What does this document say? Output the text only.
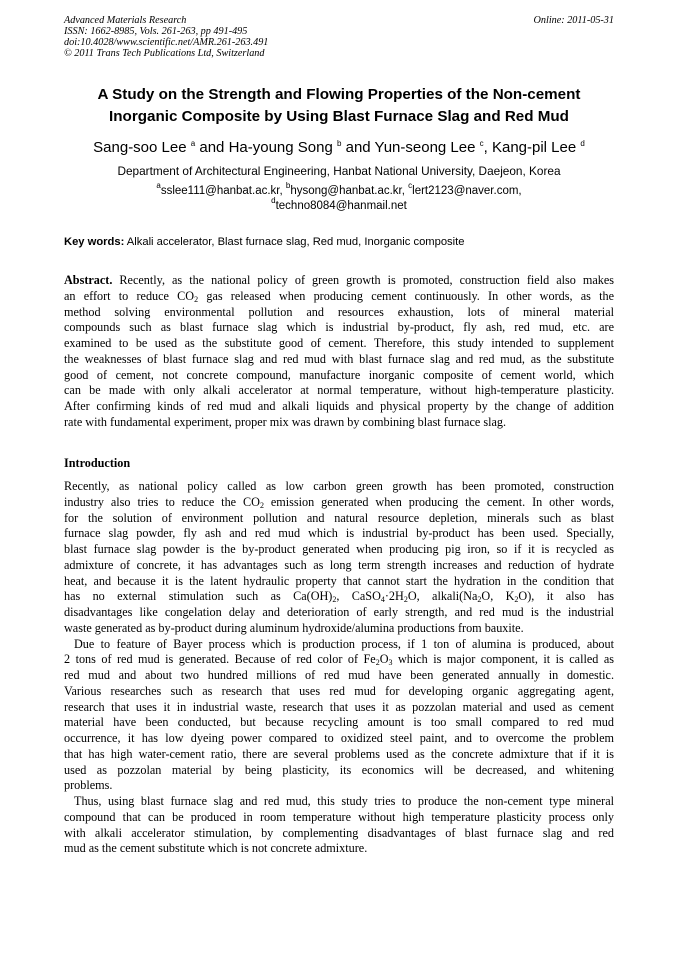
Advanced Materials Research
ISSN: 1662-8985, Vols. 261-263, pp 491-495
doi:10.4028/www.scientific.net/AMR.261-263.491
© 2011 Trans Tech Publications Ltd, Switzerland
Online: 2011-05-31
A Study on the Strength and Flowing Properties of the Non-cement
Inorganic Composite by Using Blast Furnace Slag and Red Mud
Sang-soo Lee $^a$ and Ha-young Song $^b$ and Yun-seong Lee $^c$, Kang-pil Lee $^d$
Department of Architectural Engineering, Hanbat National University, Daejeon, Korea
$^a$sslee111@hanbat.ac.kr, $^b$hysong@hanbat.ac.kr, $^c$lert2123@naver.com,
$^d$techno8084@hanmail.net
Key words: Alkali accelerator, Blast furnace slag, Red mud, Inorganic composite
Abstract. Recently, as the national policy of green growth is promoted, construction field also makes
an effort to reduce $CO_2$ gas released when producing cement continuously. In other words, as the
method solving environmental pollution and resources exhaustion, lots of mineral material
compounds such as blast furnace slag which is industrial by-product, fly ash, red mud, etc. are
examined to be used as the substitute good of cement. Therefore, this study intended to supplement
the weaknesses of blast furnace slag and red mud with blast furnace slag and red mud, as the substitute
good of cement, not concrete compound, manufacture inorganic composite of cement world, which
can be made with only alkali accelerator at normal temperature, without high-temperature plasticity.
After confirming kinds of red mud and alkali liquids and physical property by the change of addition
rate with fundamental experiment, proper mix was drawn by combining blast furnace slag.
Introduction
Recently, as national policy called as low carbon green growth has been promoted, construction
industry also tries to reduce the $CO_2$ emission generated when producing the cement. In other words,
for the solution of environment pollution and natural resource depletion, minerals such as blast
furnace slag powder, fly ash and red mud which is industrial by-product has been used. Specially,
blast furnace slag powder is the by-product generated when producing pig iron, so if it is recycled as
admixture of concrete, it has advantages such as long term strength increases and reduction of hydrate
heat, and because it is the latent hydraulic property that cannot start the hydration in the condition that
has no external stimulation such as $Ca(OH)_2$, $CaSO_4\cdot 2H_2O$, $alkali(Na_2O$, $K_2O$), it also has
disadvantages like congelation delay and deterioration of early strength, and red mud is the industrial
waste generated as by-product during aluminum hydroxide/alumina productions from bauxite.
Due to feature of Bayer process which is production process, if 1 ton of alumina is produced, about
2 tons of red mud is generated. Because of red color of $Fe_2O_3$ which is major component, it is called as
red mud and about two hundred millions of red mud have been generated annually in domestic.
Various researches such as research that uses red mud for developing organic aggregating agent,
research that uses it in industrial waste, research that uses it as pozzolan material and used as cement
material have been conducted, but because recycling amount is too small compared to red mud
occurrence, it has low dyeing power compared to oxidized steel paint, and to overcome the problem
that has high water-cement ratio, there are several problems used as the concrete admixture that if it is
used as pozzolan material by being plasticity, its economics will be decreased, and whitening
problems.
Thus, using blast furnace slag and red mud, this study tries to produce the non-cement type mineral
compound that can be produced in room temperature without high temperature plasticity process only
with alkali accelerator stimulation, by complementing disadvantages of blast furnace slag and red
mud as the cement substitute which is not concrete admixture.
